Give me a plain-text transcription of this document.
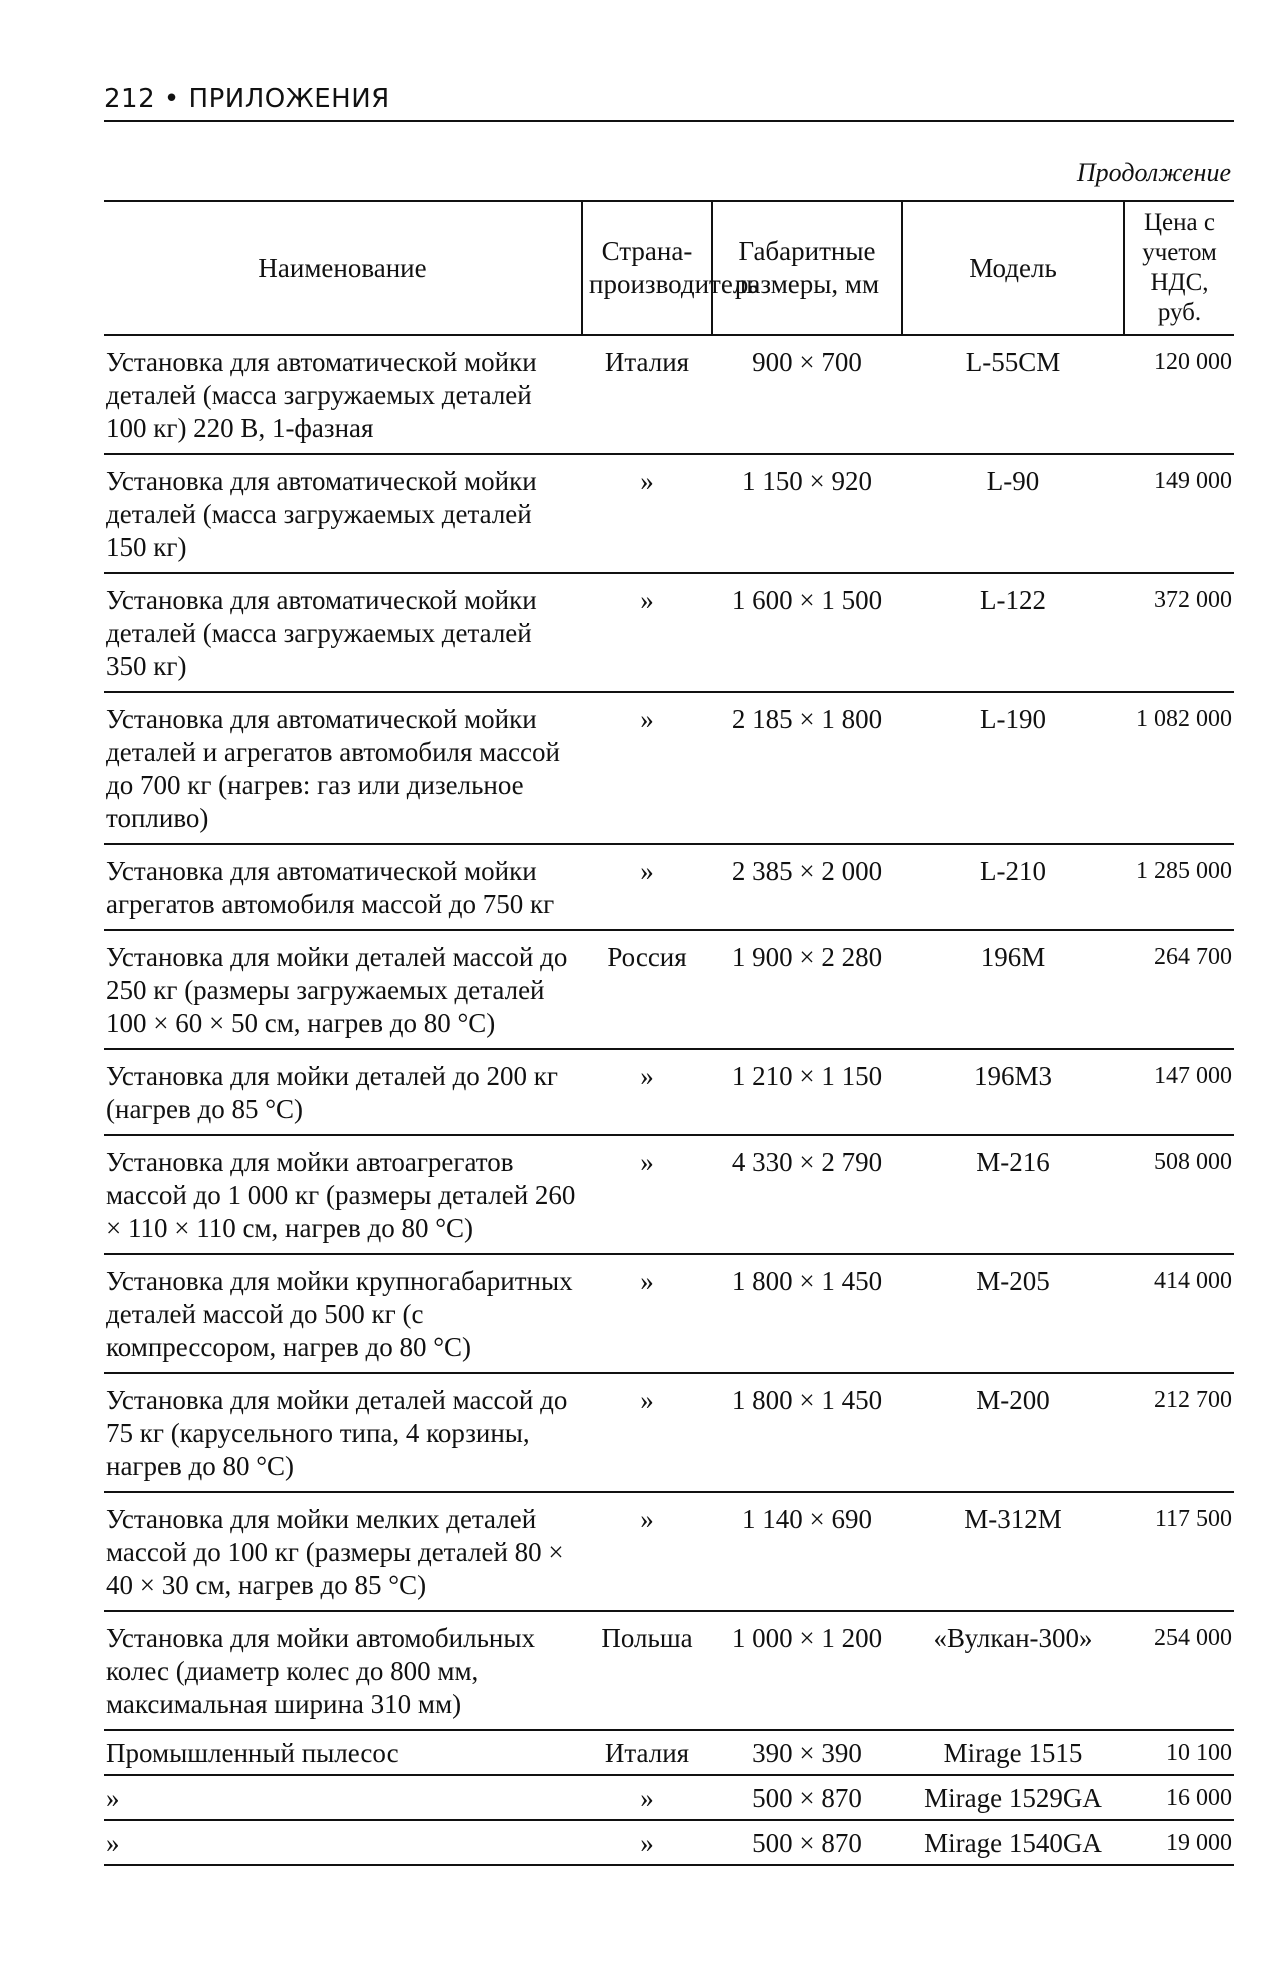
212 • ПРИЛОЖЕНИЯ
Продолжение
Наименование	Страна-производитель	Габаритные размеры, мм	Модель	Цена с учетом НДС, руб.
Установка для автоматической мойки деталей (масса загружаемых деталей 100 кг) 220 В, 1-фазная	Италия	900 × 700	L-55CM	120 000
Установка для автоматической мойки деталей (масса загружаемых деталей 150 кг)	»	1 150 × 920	L-90	149 000
Установка для автоматической мойки деталей (масса загружаемых деталей 350 кг)	»	1 600 × 1 500	L-122	372 000
Установка для автоматической мойки деталей и агрегатов автомобиля массой до 700 кг (нагрев: газ или дизельное топливо)	»	2 185 × 1 800	L-190	1 082 000
Установка для автоматической мойки агрегатов автомобиля массой до 750 кг	»	2 385 × 2 000	L-210	1 285 000
Установка для мойки деталей массой до 250 кг (размеры загружаемых деталей 100 × 60 × 50 см, нагрев до 80 °С)	Россия	1 900 × 2 280	196M	264 700
Установка для мойки деталей до 200 кг (нагрев до 85 °С)	»	1 210 × 1 150	196M3	147 000
Установка для мойки автоагрегатов массой до 1 000 кг (размеры деталей 260 × 110 × 110 см, нагрев до 80 °С)	»	4 330 × 2 790	M-216	508 000
Установка для мойки крупногабаритных деталей массой до 500 кг (с компрессором, нагрев до 80 °С)	»	1 800 × 1 450	M-205	414 000
Установка для мойки деталей массой до 75 кг (карусельного типа, 4 корзины, нагрев до 80 °С)	»	1 800 × 1 450	M-200	212 700
Установка для мойки мелких деталей массой до 100 кг (размеры деталей 80 × 40 × 30 см, нагрев до 85 °С)	»	1 140 × 690	M-312M	117 500
Установка для мойки автомобильных колес (диаметр колес до 800 мм, максимальная ширина 310 мм)	Польша	1 000 × 1 200	«Вулкан-300»	254 000
Промышленный пылесос	Италия	390 × 390	Mirage 1515	10 100
»	»	500 × 870	Mirage 1529GA	16 000
»	»	500 × 870	Mirage 1540GA	19 000
